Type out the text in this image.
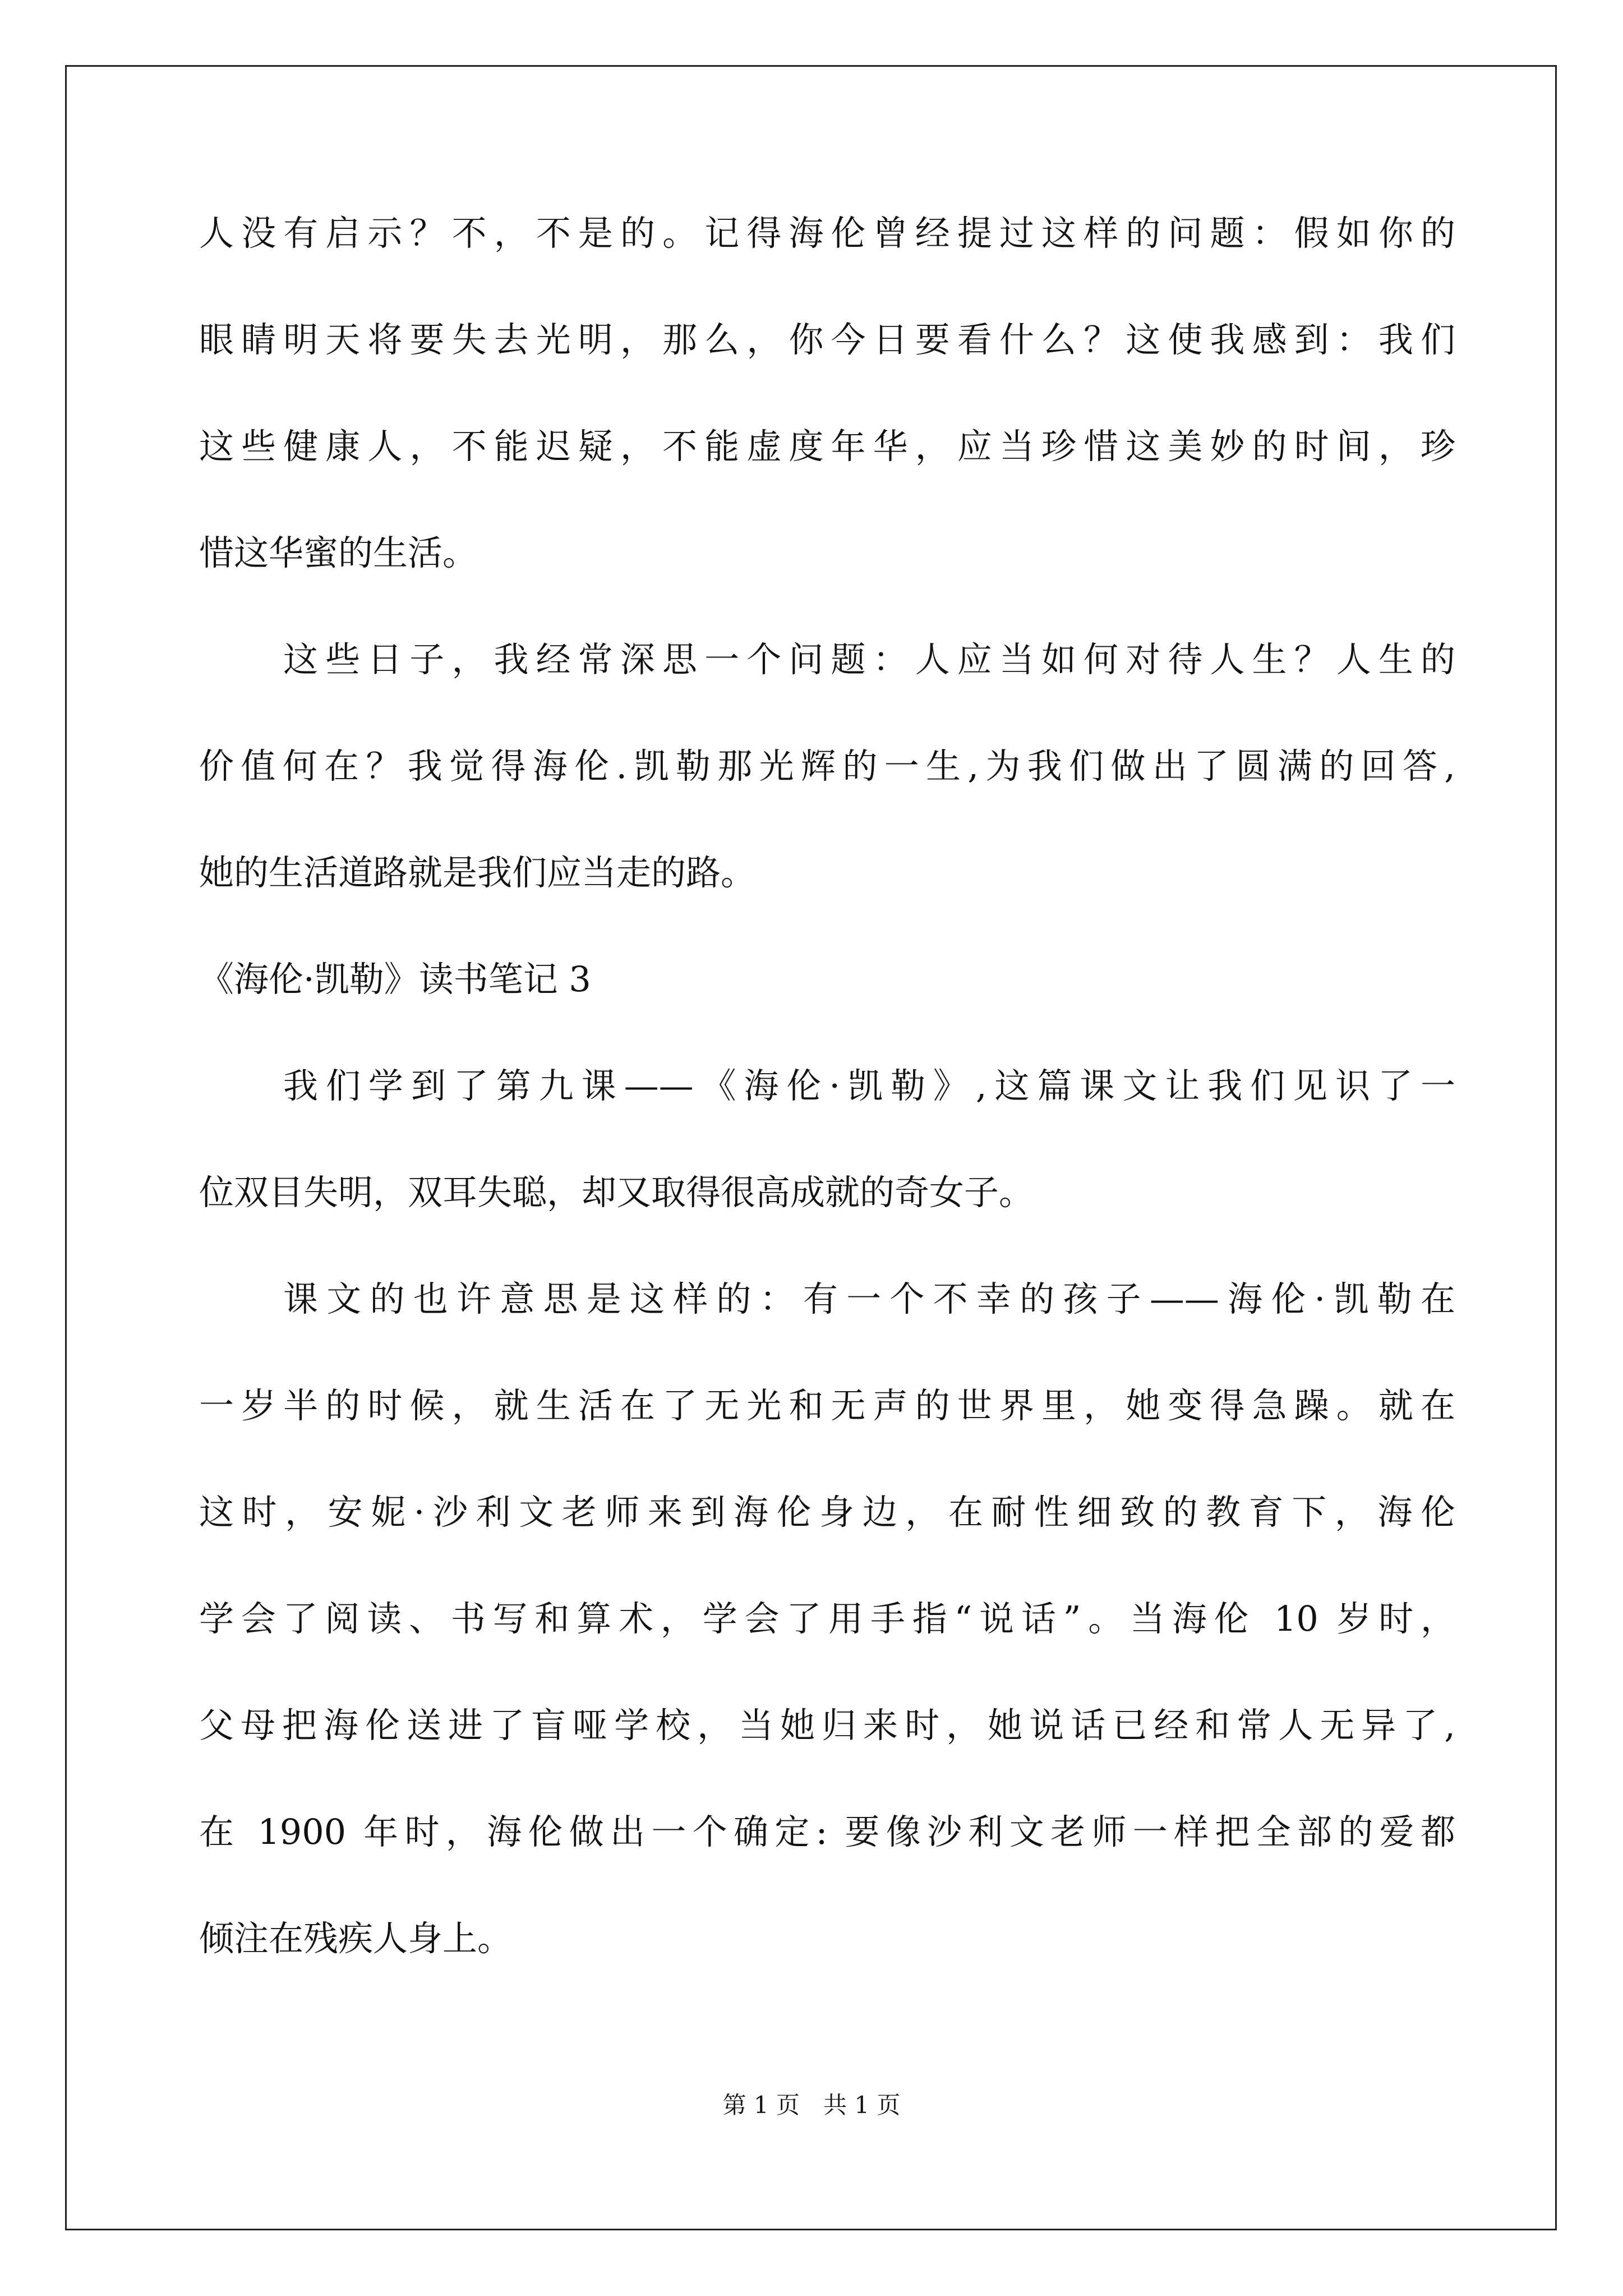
人没有启示？不，不是的。记得海伦曾经提过这样的问题：假如你的
眼睛明天将要失去光明，那么，你今日要看什么？这使我感到：我们
这些健康人，不能迟疑，不能虚度年华，应当珍惜这美妙的时间，珍
惜这华蜜的生活。
这些日子，我经常深思一个问题：人应当如何对待人生？人生的
价值何在？我觉得海伦.凯勒那光辉的一生,为我们做出了圆满的回答,
她的生活道路就是我们应当走的路。
《海伦·凯勒》读书笔记 3
我们学到了第九课——《海伦·凯勒》,这篇课文让我们见识了一
位双目失明，双耳失聪，却又取得很高成就的奇女子。
课文的也许意思是这样的：有一个不幸的孩子——海伦·凯勒在
一岁半的时候，就生活在了无光和无声的世界里，她变得急躁。就在
这时，安妮·沙利文老师来到海伦身边，在耐性细致的教育下，海伦
学会了阅读、书写和算术，学会了用手指“说话”。当海伦 10 岁时，
父母把海伦送进了盲哑学校，当她归来时，她说话已经和常人无异了,
在 1900 年时，海伦做出一个确定: 要像沙利文老师一样把全部的爱都
倾注在残疾人身上。
第 1 页　共 1 页
